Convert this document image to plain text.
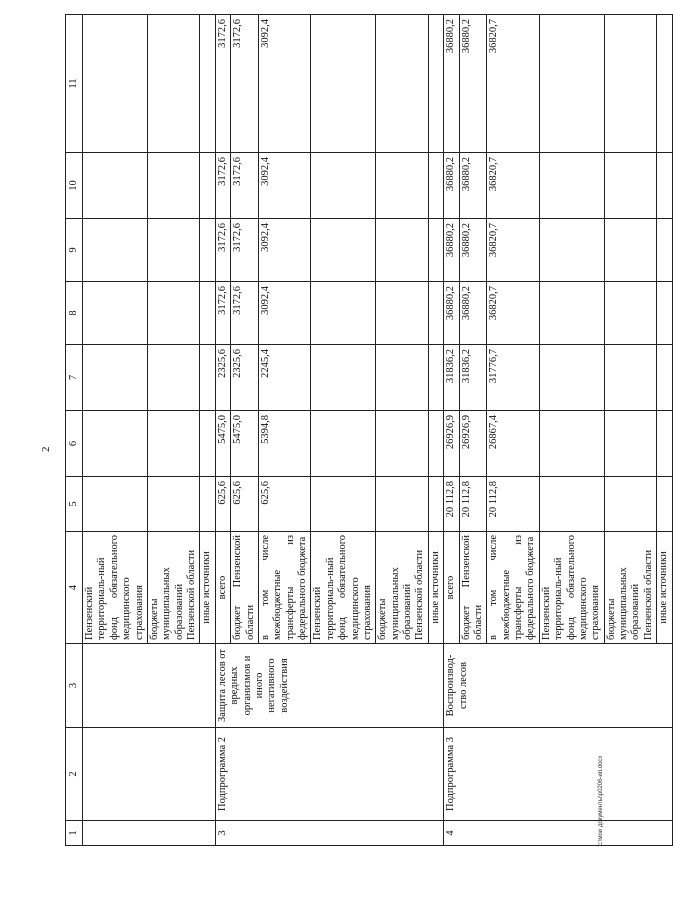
2
1	2	3	4	5	6	7	8	9	10	11
			Пензенский территориаль-ный фонд обязательного медицинского страхования							
			бюджеты муниципальных образований Пензенской области							
			иные источники							
3	Подпрограмма 2	Защита лесов от вредных организмов и иного негативного воздействия	всего	625,6	5475,0	2325,6	3172,6	3172,6	3172,6	3172,6
			бюджет Пензенской области	625,6	5475,0	2325,6	3172,6	3172,6	3172,6	3172,6
			в том числе межбюджетные трансферты из федерального бюджета	625,6	5394,8	2245,4	3092,4	3092,4	3092,4	3092,4
			Пензенский территориаль-ный фонд обязательного медицинского страхования							
			бюджеты муниципальных образований Пензенской области							
			иные источники							
4	Подпрограмма 3	Воспроизвод-ство лесов	всего	20 112,8	26926,9	31836,2	36880,2	36880,2	36880,2	36880,2
			бюджет Пензенской области	20 112,8	26926,9	31836,2	36880,2	36880,2	36880,2	36880,2
			в том числе межбюджетные трансферты из федерального бюджета	20 112,8	26867,4	31776,7	36820,7	36820,7	36820,7	36820,7
			Пензенский территориаль-ный фонд обязательного медицинского страхования							
			бюджеты муниципальных образований Пензенской области							
			иные источники							
c:\мои документы\р0206-ип.docx
